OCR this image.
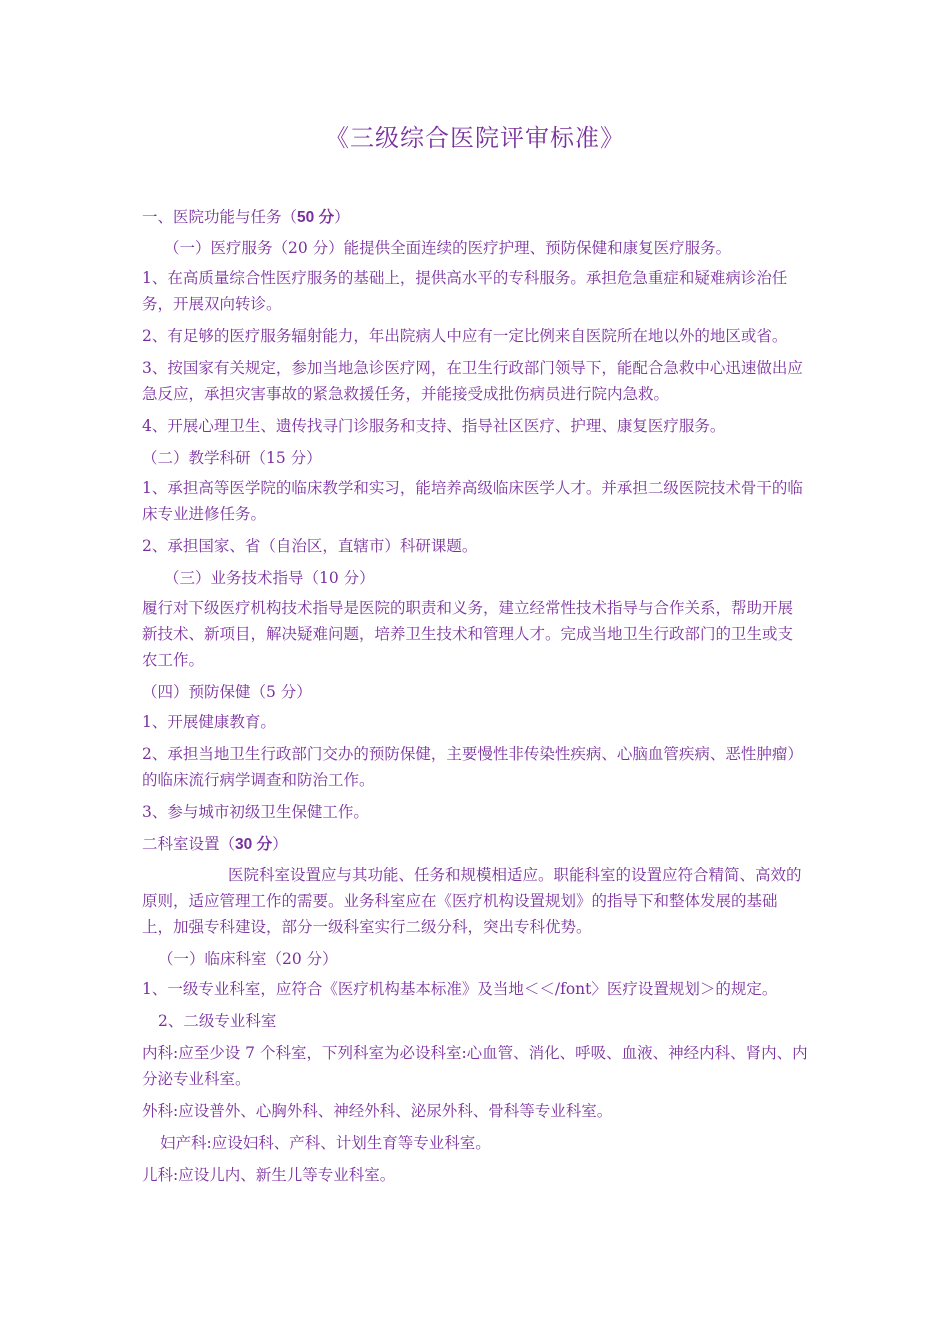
《三级综合医院评审标准》

一、医院功能与任务（50 分）

（一）医疗服务（20 分）能提供全面连续的医疗护理、预防保健和康复医疗服务。

1、在高质量综合性医疗服务的基础上，提供高水平的专科服务。承担危急重症和疑难病诊治任务，开展双向转诊。

2、有足够的医疗服务辐射能力，年出院病人中应有一定比例来自医院所在地以外的地区或省。

3、按国家有关规定，参加当地急诊医疗网，在卫生行政部门领导下，能配合急救中心迅速做出应急反应，承担灾害事故的紧急救援任务，并能接受成批伤病员进行院内急救。

4、开展心理卫生、遗传找寻门诊服务和支持、指导社区医疗、护理、康复医疗服务。

（二）教学科研（15 分）

1、承担高等医学院的临床教学和实习，能培养高级临床医学人才。并承担二级医院技术骨干的临床专业进修任务。

2、承担国家、省（自治区，直辖市）科研课题。

（三）业务技术指导（10 分）

履行对下级医疗机构技术指导是医院的职责和义务，建立经常性技术指导与合作关系，帮助开展新技术、新项目，解决疑难问题，培养卫生技术和管理人才。完成当地卫生行政部门的卫生或支农工作。

（四）预防保健（5 分）

1、开展健康教育。

2、承担当地卫生行政部门交办的预防保健，主要慢性非传染性疾病、心脑血管疾病、恶性肿瘤）的临床流行病学调查和防治工作。

3、参与城市初级卫生保健工作。

二科室设置（30 分）

医院科室设置应与其功能、任务和规模相适应。职能科室的设置应符合精简、高效的原则，适应管理工作的需要。业务科室应在《医疗机构设置规划》的指导下和整体发展的基础上，加强专科建设，部分一级科室实行二级分科，突出专科优势。

（一）临床科室（20 分）

1、一级专业科室，应符合《医疗机构基本标准》及当地＜＜/font〉医疗设置规划＞的规定。

2、二级专业科室

内科:应至少设 7 个科室，下列科室为必设科室:心血管、消化、呼吸、血液、神经内科、肾内、内分泌专业科室。

外科:应设普外、心胸外科、神经外科、泌尿外科、骨科等专业科室。

妇产科:应设妇科、产科、计划生育等专业科室。

儿科:应设儿内、新生儿等专业科室。
